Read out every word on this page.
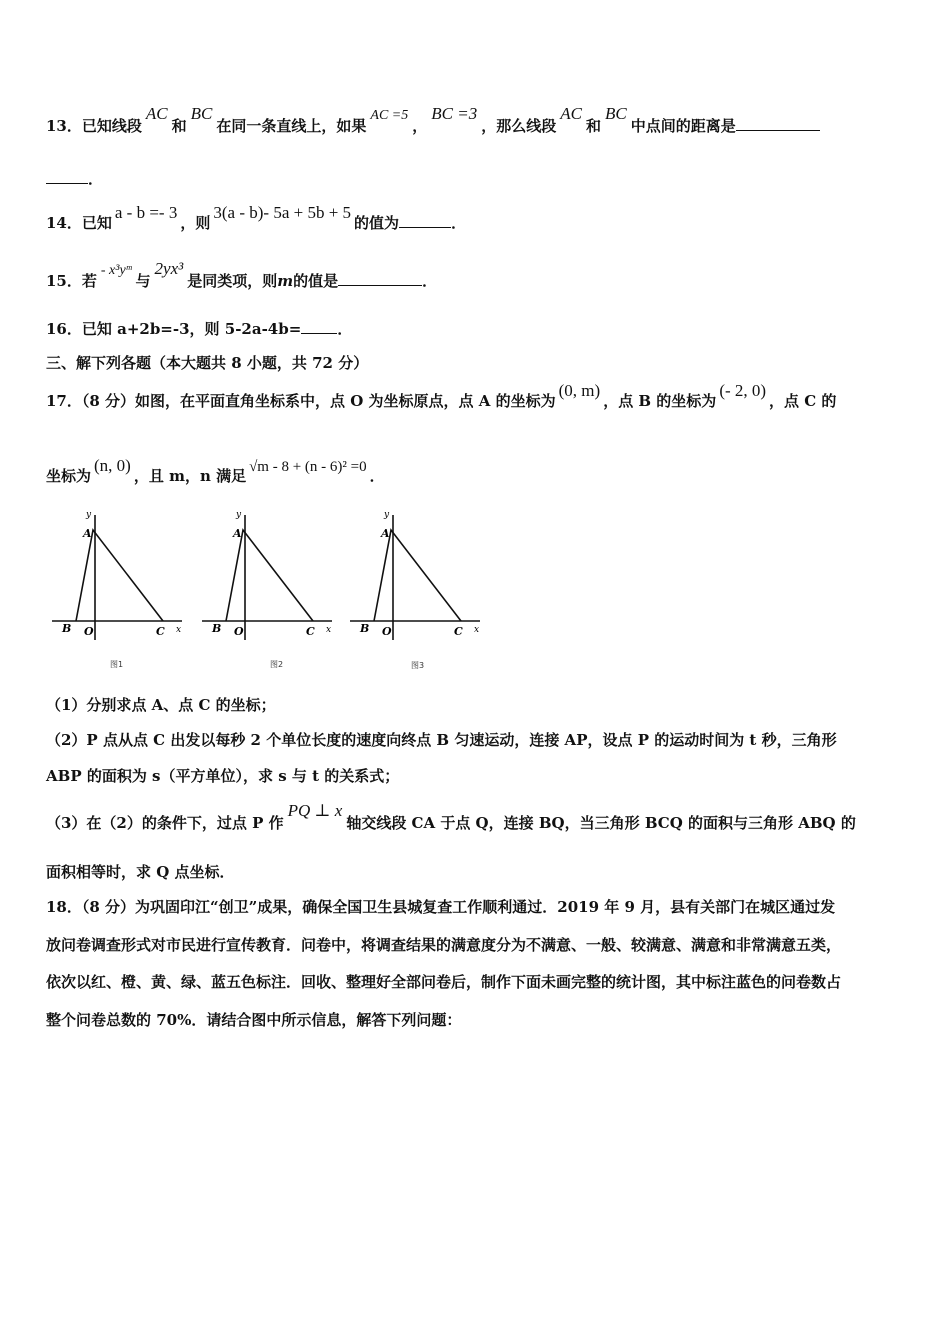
13．已知线段AC和BC在同一条直线上，如果AC =5，BC =3，那么线段AC和BC中点间的距离是
．
14．已知a - b =- 3，则3(a - b)- 5a + 5b + 5的值为	．
15．若- x³yᵐ与2yx³是同类项，则m的值是	．
16．已知 a+2b=-3，则 5-2a-4b= ．
三、解下列各题（本大题共 8 小题，共 72 分）
17．（8 分）如图，在平面直角坐标系中，点 O 为坐标原点，点 A 的坐标为(0, m)，点 B 的坐标为(- 2, 0)，点 C 的
坐标为(n, 0)，且 m，n 满足 √m - 8 + (n - 6)² =0 ．
y
x
A
B O	C
y
x
A
B O	C
y
x
A
B O	C
图1	图2	图3
（1）分别求点 A、点 C 的坐标；
（2）P 点从点 C 出发以每秒 2 个单位长度的速度向终点 B 匀速运动，连接 AP，设点 P 的运动时间为 t 秒，三角形
ABP 的面积为 s（平方单位），求 s 与 t 的关系式；
（3）在（2）的条件下，过点 P 作PQ ⊥ x轴交线段 CA 于点 Q，连接 BQ，当三角形 BCQ 的面积与三角形 ABQ 的
面积相等时，求 Q 点坐标．
18．（8 分）为巩固印江“创卫”成果，确保全国卫生县城复查工作顺利通过．2019 年 9 月，县有关部门在城区通过发
放问卷调查形式对市民进行宣传教育．问卷中，将调查结果的满意度分为不满意、一般、较满意、满意和非常满意五类，
依次以红、橙、黄、绿、蓝五色标注．回收、整理好全部问卷后，制作下面未画完整的统计图，其中标注蓝色的问卷数占
整个问卷总数的 70%．请结合图中所示信息，解答下列问题：
